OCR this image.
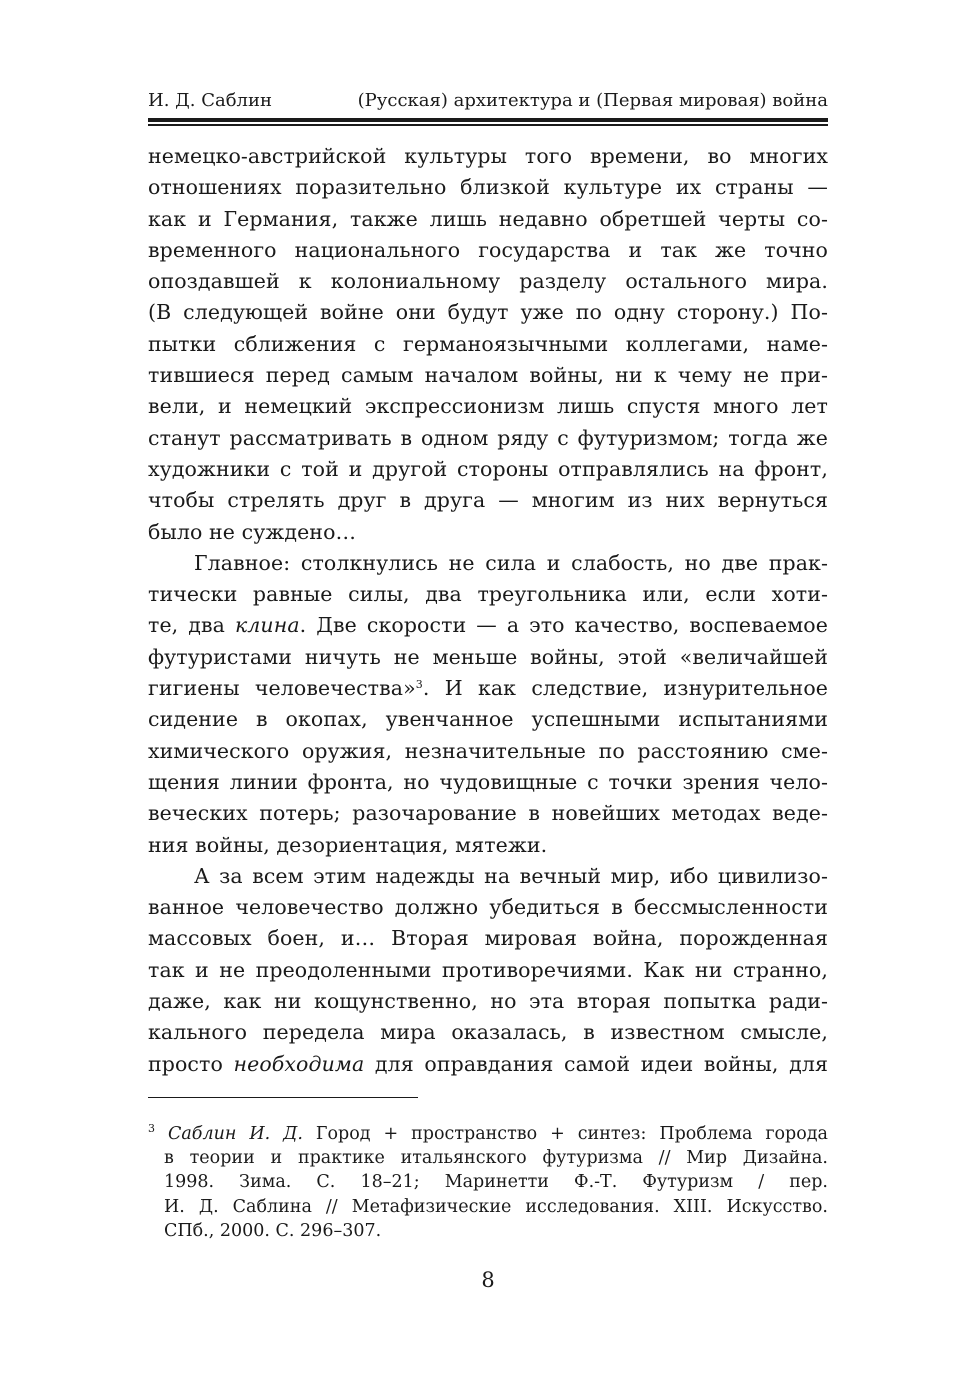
И. Д. Саблин	(Русская) архитектура и (Первая мировая) война
немецко-австрийской культуры того времени, во многих
отношениях поразительно близкой культуре их страны —
как и Германия, также лишь недавно обретшей черты со-
временного национального государства и так же точно
опоздавшей к колониальному разделу остального мира.
(В следующей войне они будут уже по одну сторону.) По-
пытки сближения с германоязычными коллегами, наме-
тившиеся перед самым началом войны, ни к чему не при-
вели, и немецкий экспрессионизм лишь спустя много лет
станут рассматривать в одном ряду с футуризмом; тогда же
художники с той и другой стороны отправлялись на фронт,
чтобы стрелять друг в друга — многим из них вернуться
было не суждено…
Главное: столкнулись не сила и слабость, но две прак-
тически равные силы, два треугольника или, если хоти-
те, два клина. Две скорости — а это качество, воспеваемое
футуристами ничуть не меньше войны, этой «величайшей
гигиены человечества»$^3$. И как следствие, изнурительное
сидение в окопах, увенчанное успешными испытаниями
химического оружия, незначительные по расстоянию сме-
щения линии фронта, но чудовищные с точки зрения чело-
веческих потерь; разочарование в новейших методах веде-
ния войны, дезориентация, мятежи.
А за всем этим надежды на вечный мир, ибо цивилизо-
ванное человечество должно убедиться в бессмысленности
массовых боен, и… Вторая мировая война, порожденная
так и не преодоленными противоречиями. Как ни странно,
даже, как ни кощунственно, но эта вторая попытка ради-
кального передела мира оказалась, в известном смысле,
просто необходима для оправдания самой идеи войны, для
$^3$ Саблин И. Д. Город + пространство + синтез: Проблема города
в теории и практике итальянского футуризма // Мир Дизайна.
1998. Зима. С. 18–21; Маринетти Ф.-Т. Футуризм / пер.
И. Д. Саблина // Метафизические исследования. XIII. Искусство.
СПб., 2000. С. 296–307.
8
